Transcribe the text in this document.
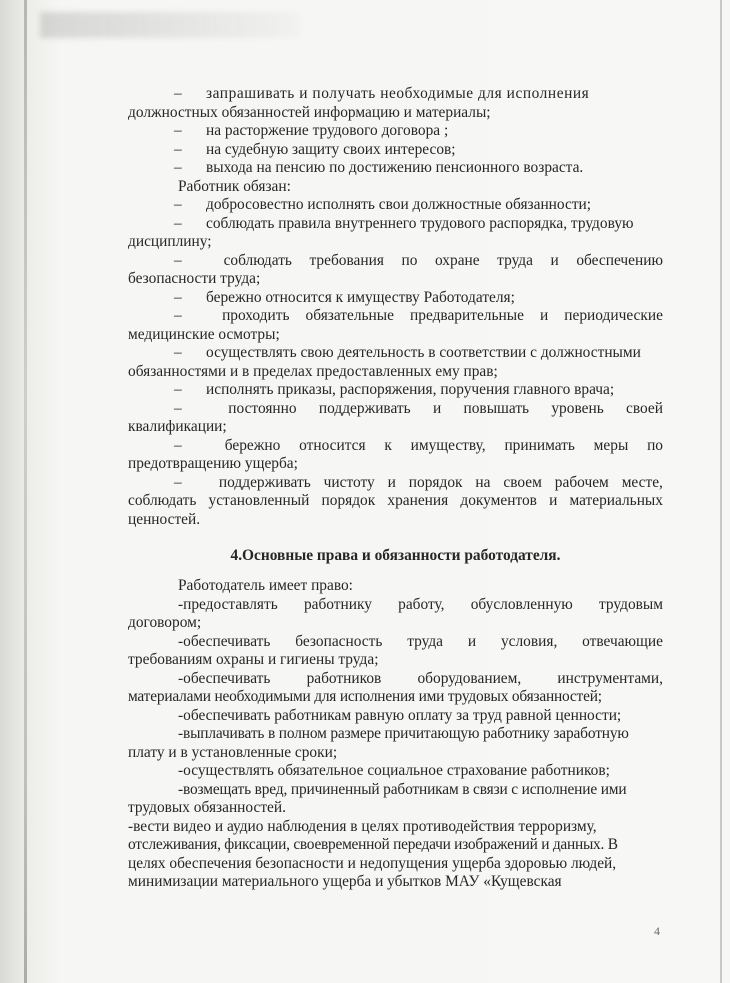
–	запрашивать и получать необходимые для исполнения
должностных обязанностей информацию и материалы;
–	на расторжение трудового договора ;
–	на судебную защиту своих интересов;
–	выхода на пенсию по достижению пенсионного возраста.
Работник обязан:
–	добросовестно исполнять свои должностные обязанности;
–	соблюдать правила внутреннего трудового распорядка, трудовую
дисциплину;
–	соблюдать требования по охране труда и обеспечению
безопасности труда;
–	бережно относится к имуществу Работодателя;
–	проходить обязательные предварительные и периодические
медицинские осмотры;
–	осуществлять свою деятельность в соответствии с должностными
обязанностями и в пределах предоставленных ему прав;
–	исполнять приказы, распоряжения, поручения главного врача;
–	постоянно поддерживать и повышать уровень своей
квалификации;
–	бережно относится к имуществу, принимать меры по
предотвращению ущерба;
–	поддерживать чистоту и порядок на своем рабочем месте,
соблюдать установленный порядок хранения документов и материальных
ценностей.
4.Основные права и обязанности работодателя.
Работодатель имеет право:
-предоставлять работнику работу, обусловленную трудовым
договором;
-обеспечивать безопасность труда и условия, отвечающие
требованиям охраны и гигиены труда;
-обеспечивать работников оборудованием, инструментами,
материалами необходимыми для исполнения ими трудовых обязанностей;
-обеспечивать работникам равную оплату за труд равной ценности;
-выплачивать в полном размере причитающую работнику заработную
плату и в установленные сроки;
-осуществлять обязательное социальное страхование работников;
-возмещать вред, причиненный работникам в связи с исполнение ими
трудовых обязанностей.
-вести видео и аудио наблюдения в целях противодействия терроризму,
отслеживания, фиксации, своевременной передачи изображений и данных. В
целях обеспечения безопасности и недопущения ущерба здоровью людей,
минимизации материального ущерба и убытков МАУ «Кущевская
4
